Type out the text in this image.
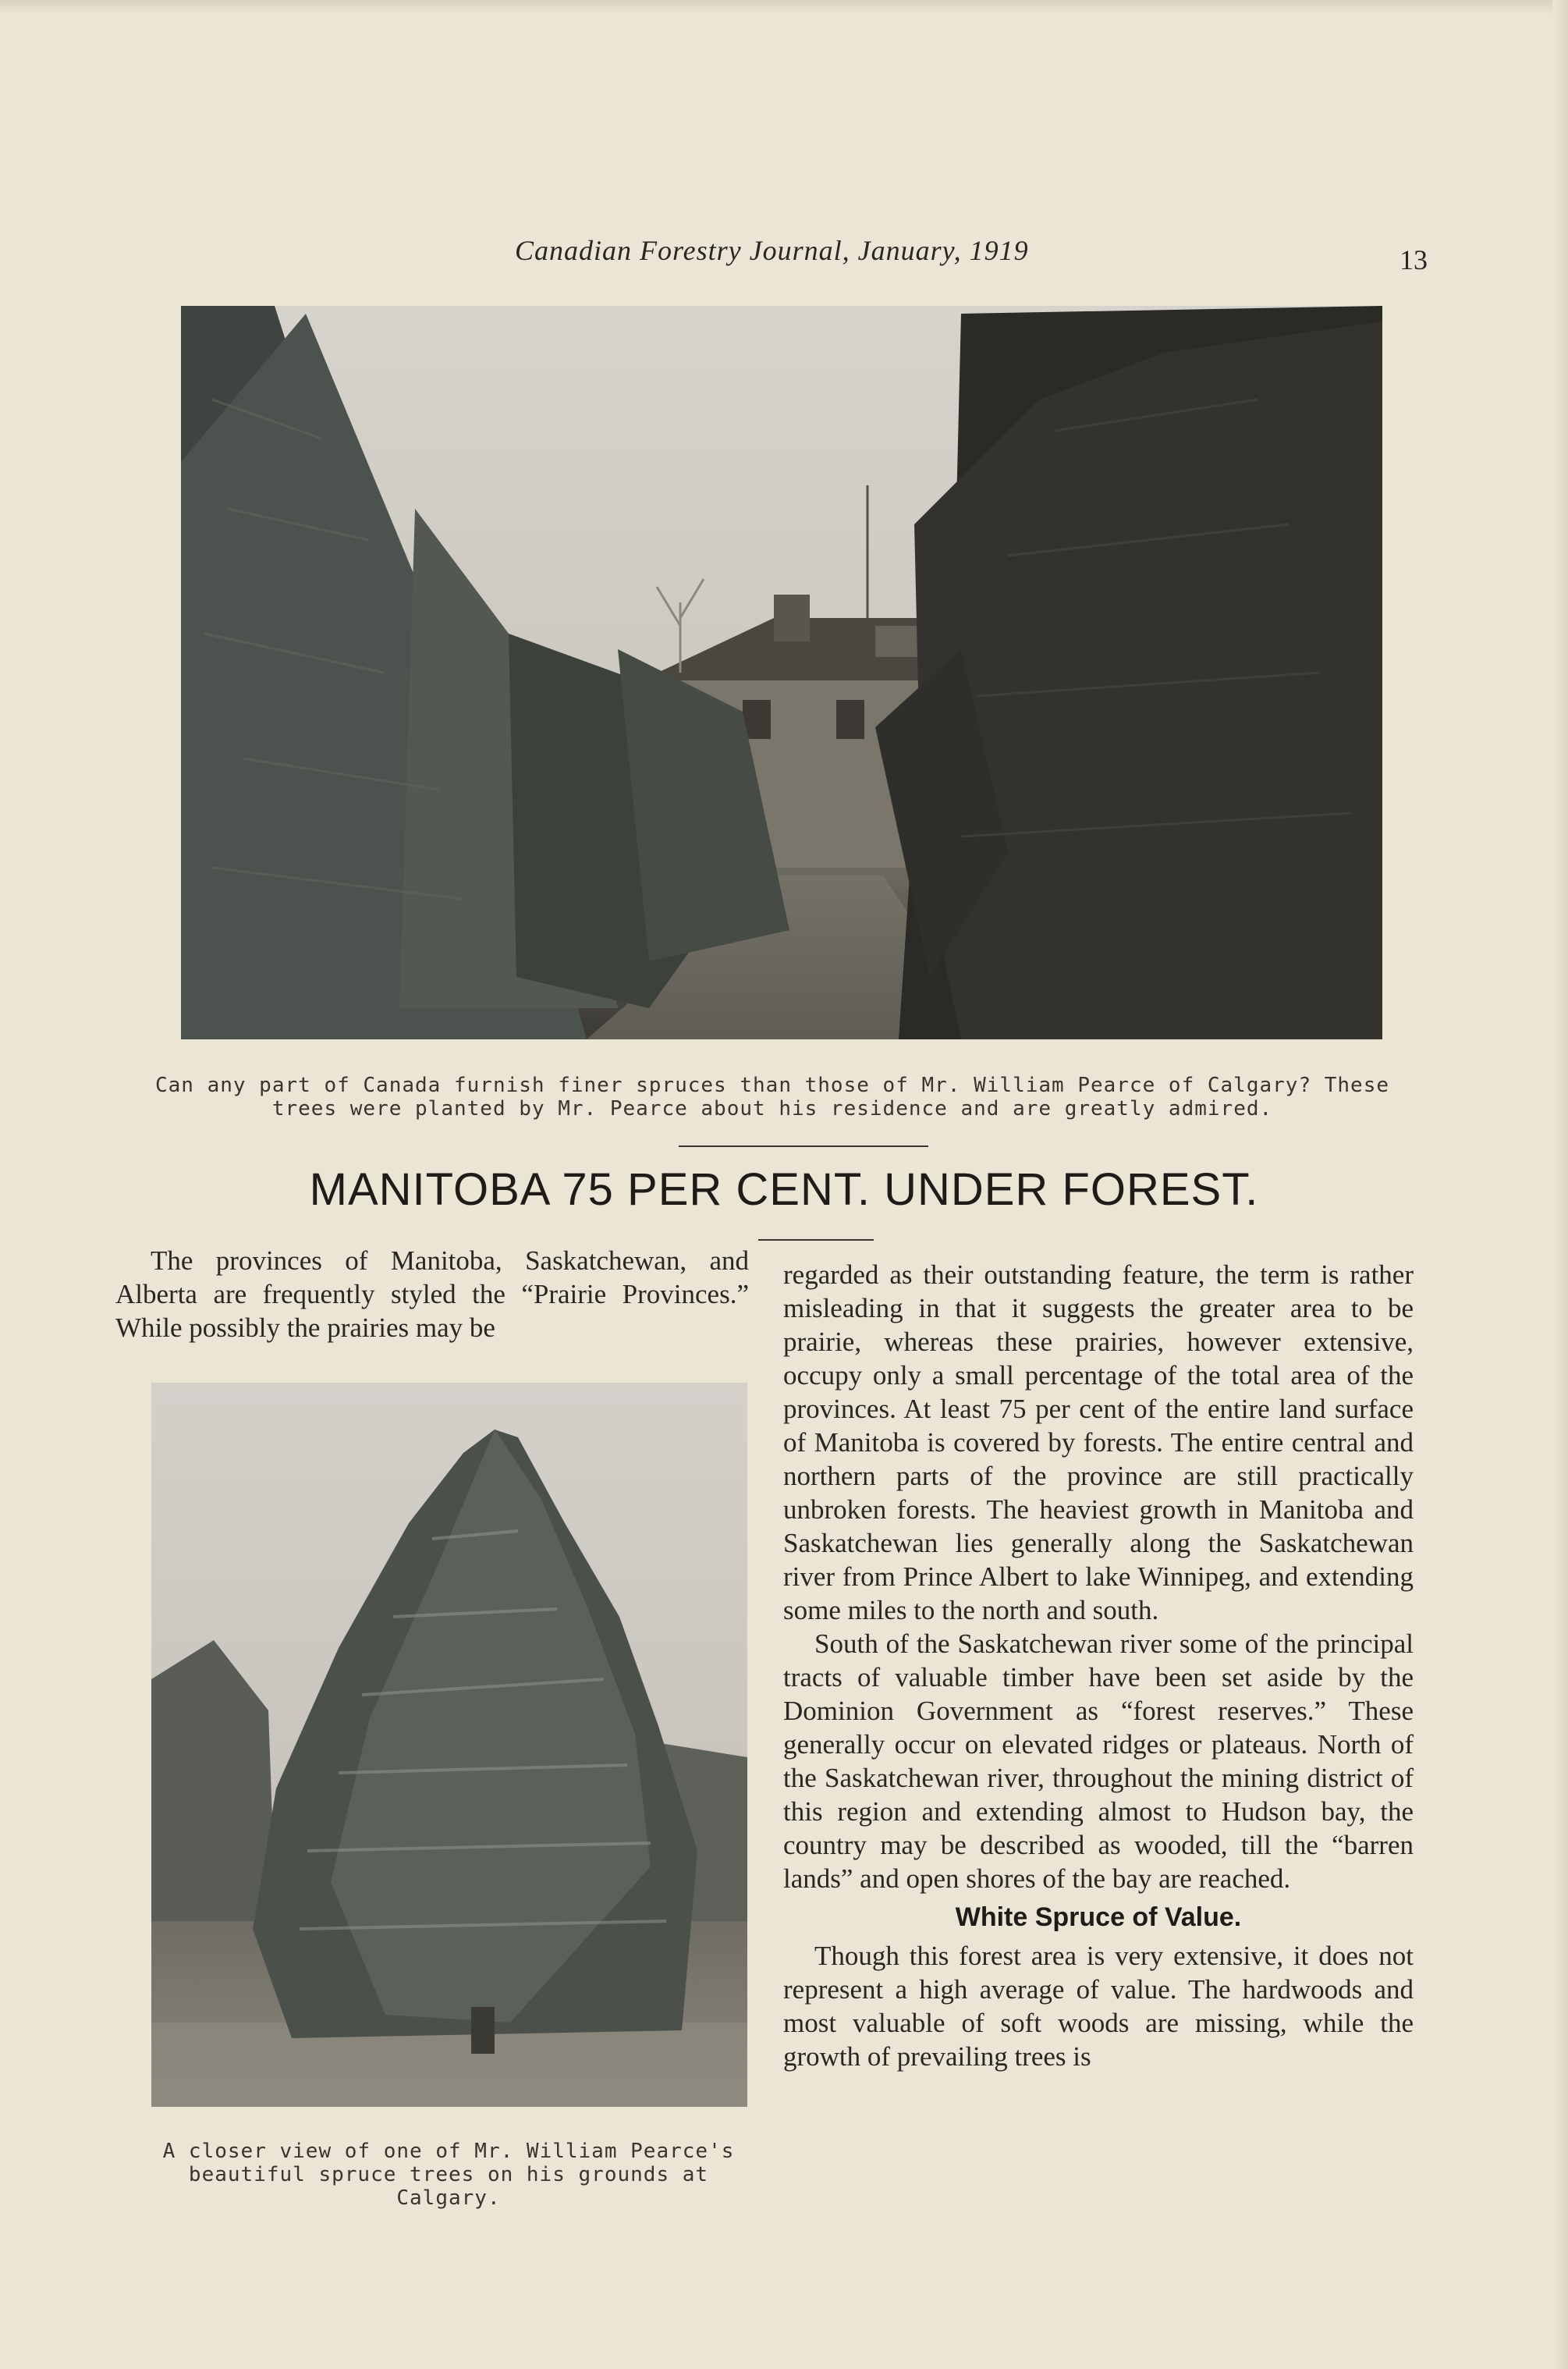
Canadian Forestry Journal, January, 1919	13
Can any part of Canada furnish finer spruces than those of Mr. William Pearce of Calgary? These trees were planted by Mr. Pearce about his residence and are greatly admired.
MANITOBA 75 PER CENT. UNDER FOREST.

The provinces of Manitoba, Saskatchewan, and Alberta are frequently styled the “Prairie Provinces.” While possibly the prairies may be

A closer view of one of Mr. William Pearce's beautiful spruce trees on his grounds at Calgary.

regarded as their outstanding feature, the term is rather misleading in that it suggests the greater area to be prairie, whereas these prairies, however extensive, occupy only a small percentage of the total area of the provinces. At least 75 per cent of the entire land surface of Manitoba is covered by forests. The entire central and northern parts of the province are still practically unbroken forests. The heaviest growth in Manitoba and Saskatchewan lies generally along the Saskatchewan river from Prince Albert to lake Winnipeg, and extending some miles to the north and south.

South of the Saskatchewan river some of the principal tracts of valuable timber have been set aside by the Dominion Government as “forest reserves.” These generally occur on elevated ridges or plateaus. North of the Saskatchewan river, throughout the mining district of this region and extending almost to Hudson bay, the country may be described as wooded, till the “barren lands” and open shores of the bay are reached.

White Spruce of Value.

Though this forest area is very extensive, it does not represent a high average of value. The hardwoods and most valuable of soft woods are missing, while the growth of prevailing trees is
